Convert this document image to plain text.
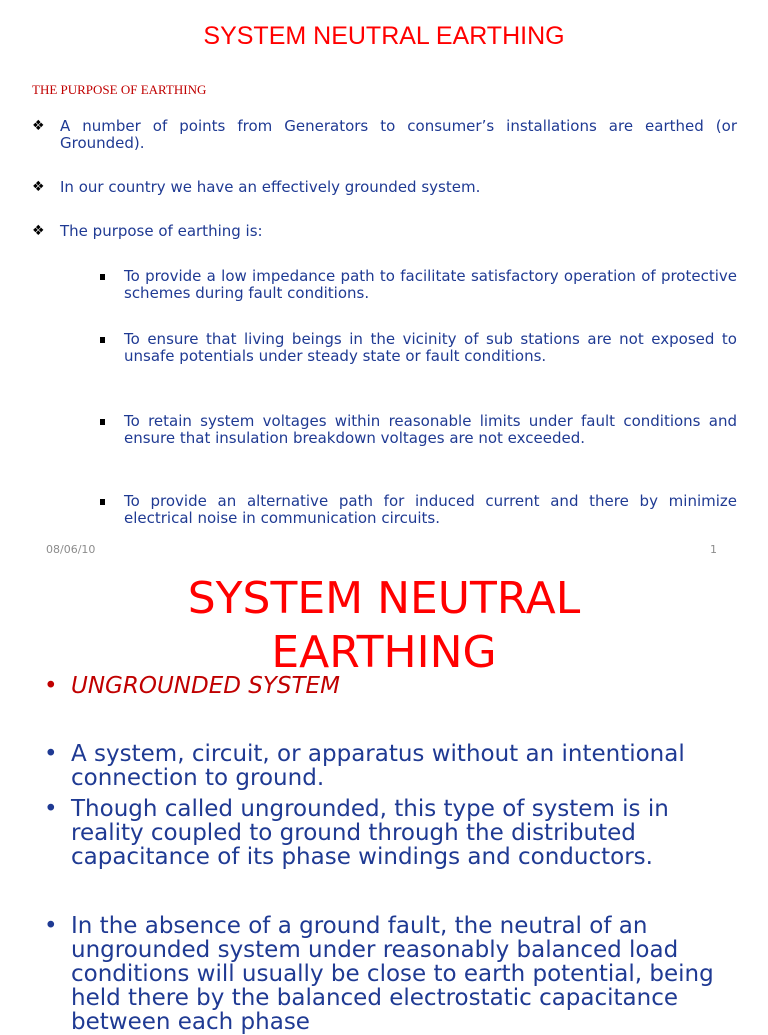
SYSTEM NEUTRAL EARTHING
THE PURPOSE OF EARTHING
❖	A number of points from Generators to consumer’s installations are earthed (or Grounded).
❖	In our country we have an effectively grounded system.
❖	The purpose of earthing is:
To provide a low impedance path to facilitate satisfactory operation of protective schemes during fault conditions.
To ensure that living beings in the vicinity of sub stations are not exposed to unsafe potentials under steady state or fault conditions.
To retain system voltages within reasonable limits under fault conditions and ensure that insulation breakdown voltages are not exceeded.
To provide an alternative path for induced current and there by minimize electrical noise in communication circuits.
08/06/10	1
SYSTEM NEUTRAL
EARTHING
• UNGROUNDED SYSTEM
• A system, circuit, or apparatus without an intentional connection to ground.
• Though called ungrounded, this type of system is in reality coupled to ground through the distributed capacitance of its phase windings and conductors.
• In the absence of a ground fault, the neutral of an ungrounded system under reasonably balanced load conditions will usually be close to earth potential, being held there by the balanced electrostatic capacitance between each phase
